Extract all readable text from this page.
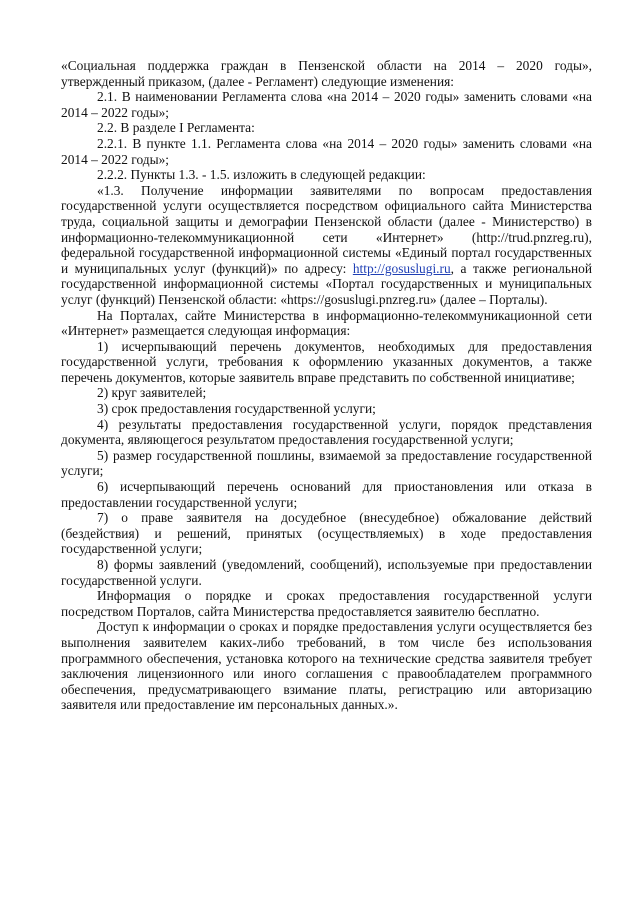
«Социальная поддержка граждан в Пензенской области на 2014 – 2020 годы», утвержденный приказом, (далее - Регламент) следующие изменения:

2.1. В наименовании Регламента слова «на 2014 – 2020 годы» заменить словами «на 2014 – 2022 годы»;

2.2. В разделе I Регламента:

2.2.1. В пункте 1.1. Регламента слова «на 2014 – 2020 годы» заменить словами «на 2014 – 2022 годы»;

2.2.2. Пункты 1.3. - 1.5. изложить в следующей редакции:

«1.3. Получение информации заявителями по вопросам предоставления государственной услуги осуществляется посредством официального сайта Министерства труда, социальной защиты и демографии Пензенской области (далее - Министерство) в информационно-телекоммуникационной сети «Интернет» (http://trud.pnzreg.ru), федеральной государственной информационной системы «Единый портал государственных и муниципальных услуг (функций)» по адресу: http://gosuslugi.ru, а также региональной государственной информационной системы «Портал государственных и муниципальных услуг (функций) Пензенской области: «https://gosuslugi.pnzreg.ru» (далее – Порталы).

На Порталах, сайте Министерства в информационно-телекоммуникационной сети «Интернет» размещается следующая информация:

1) исчерпывающий перечень документов, необходимых для предоставления государственной услуги, требования к оформлению указанных документов, а также перечень документов, которые заявитель вправе представить по собственной инициативе;

2) круг заявителей;

3) срок предоставления государственной услуги;

4) результаты предоставления государственной услуги, порядок представления документа, являющегося результатом предоставления государственной услуги;

5) размер государственной пошлины, взимаемой за предоставление государственной услуги;

6) исчерпывающий перечень оснований для приостановления или отказа в предоставлении государственной услуги;

7) о праве заявителя на досудебное (внесудебное) обжалование действий (бездействия) и решений, принятых (осуществляемых) в ходе предоставления государственной услуги;

8) формы заявлений (уведомлений, сообщений), используемые при предоставлении государственной услуги.

Информация о порядке и сроках предоставления государственной услуги посредством Порталов, сайта Министерства предоставляется заявителю бесплатно.

Доступ к информации о сроках и порядке предоставления услуги осуществляется без выполнения заявителем каких-либо требований, в том числе без использования программного обеспечения, установка которого на технические средства заявителя требует заключения лицензионного или иного соглашения с правообладателем программного обеспечения, предусматривающего взимание платы, регистрацию или авторизацию заявителя или предоставление им персональных данных.».
